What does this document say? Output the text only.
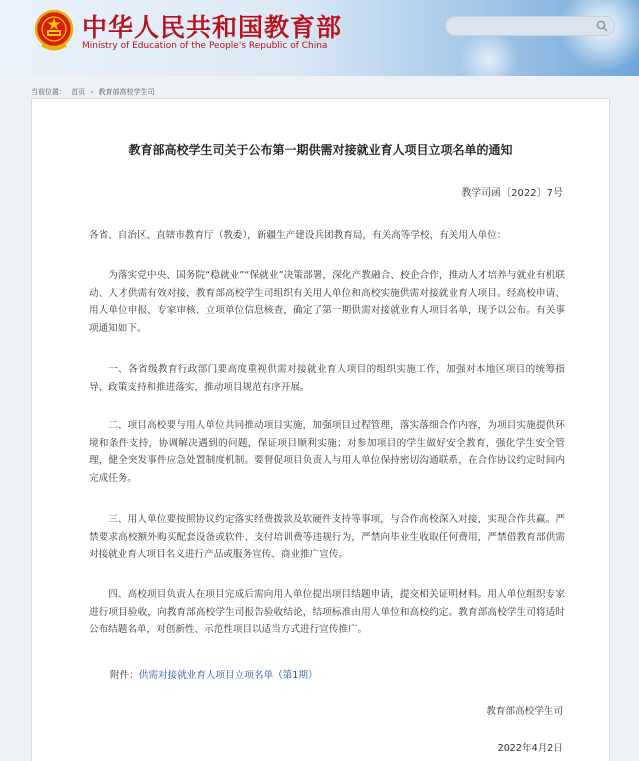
中华人民共和国教育部
Ministry of Education of the People's Republic of China
当前位置： 首页 › 教育部高校学生司
教育部高校学生司关于公布第一期供需对接就业育人项目立项名单的通知
教学司函〔2022〕7号

各省、自治区、直辖市教育厅（教委），新疆生产建设兵团教育局，有关高等学校，有关用人单位：

为落实党中央、国务院“稳就业”“保就业”决策部署，深化产教融合、校企合作，推动人才培养与就业有机联动、人才供需有效对接，教育部高校学生司组织有关用人单位和高校实施供需对接就业育人项目。经高校申请、用人单位申报、专家审核、立项单位信息核查，确定了第一期供需对接就业育人项目名单，现予以公布。有关事项通知如下。

一、各省级教育行政部门要高度重视供需对接就业育人项目的组织实施工作，加强对本地区项目的统筹指导、政策支持和推进落实，推动项目规范有序开展。

二、项目高校要与用人单位共同推动项目实施，加强项目过程管理，落实落细合作内容，为项目实施提供环境和条件支持，协调解决遇到的问题，保证项目顺利实施；对参加项目的学生做好安全教育，强化学生安全管理，健全突发事件应急处置制度机制。要督促项目负责人与用人单位保持密切沟通联系，在合作协议约定时间内完成任务。

三、用人单位要按照协议约定落实经费拨款及软硬件支持等事项，与合作高校深入对接，实现合作共赢。严禁要求高校额外购买配套设备或软件、支付培训费等违规行为，严禁向毕业生收取任何费用，严禁借教育部供需对接就业育人项目名义进行产品或服务宣传、商业推广宣传。

四、高校项目负责人在项目完成后需向用人单位提出项目结题申请，提交相关证明材料。用人单位组织专家进行项目验收，向教育部高校学生司报告验收结论，结项标准由用人单位和高校约定。教育部高校学生司将适时公布结题名单，对创新性、示范性项目以适当方式进行宣传推广。

附件：供需对接就业育人项目立项名单（第1期）
教育部高校学生司
2022年4月2日
